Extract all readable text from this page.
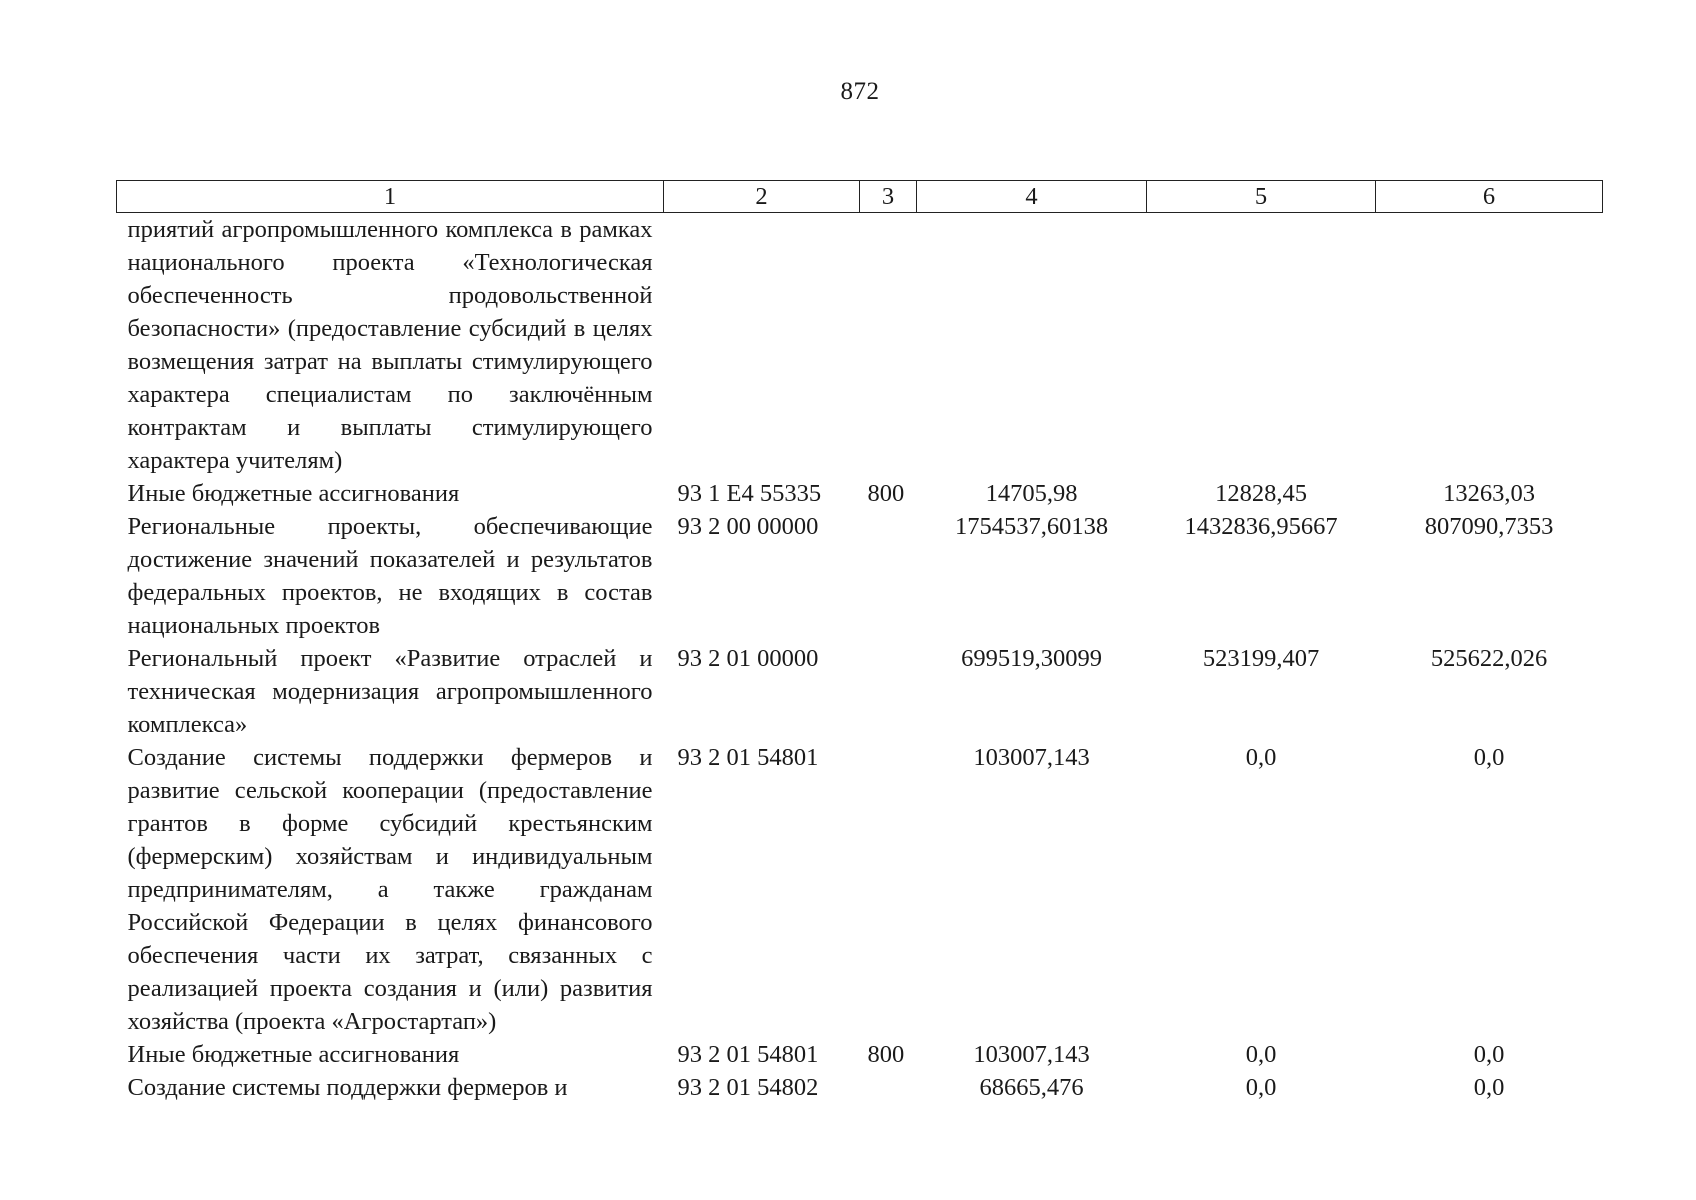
872
1	2	3	4	5	6
приятий агропромышленного комплекса в рамках национального проекта «Технологическая обеспеченность продовольственной безопасности» (предоставление субсидий в целях возмещения затрат на выплаты стимулирующего характера специалистам по заключённым контрактам и выплаты стимулирующего характера учителям)					
Иные бюджетные ассигнования	93 1 Е4 55335	800	14705,98	12828,45	13263,03
Региональные проекты, обеспечивающие достижение значений показателей и результатов федеральных проектов, не входящих в состав национальных проектов	93 2 00 00000		1754537,60138	1432836,95667	807090,7353
Региональный проект «Развитие отраслей и техническая модернизация агропромышленного комплекса»	93 2 01 00000		699519,30099	523199,407	525622,026
Создание системы поддержки фермеров и развитие сельской кооперации (предоставление грантов в форме субсидий крестьянским (фермерским) хозяйствам и индивидуальным предпринимателям, а также гражданам Российской Федерации в целях финансового обеспечения части их затрат, связанных с реализацией проекта создания и (или) развития хозяйства (проекта «Агростартап»)	93 2 01 54801		103007,143	0,0	0,0
Иные бюджетные ассигнования	93 2 01 54801	800	103007,143	0,0	0,0
Создание системы поддержки фермеров и	93 2 01 54802		68665,476	0,0	0,0
